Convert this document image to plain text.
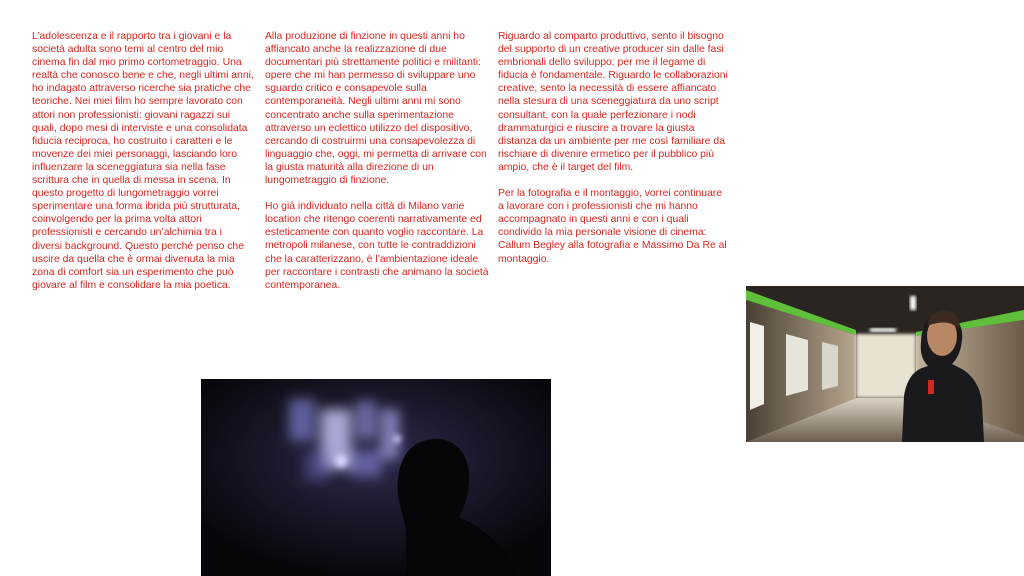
L’adolescenza e il rapporto tra i giovani e la società adulta sono temi al centro del mio cinema fin dal mio primo cortometraggio. Una realtà che conosco bene e che, negli ultimi anni, ho indagato attraverso ricerche sia pratiche che teoriche. Nei miei film ho sempre lavorato con attori non professionisti: giovani ragazzi sui quali, dopo mesi di interviste e una consolidata fiducia reciproca, ho costruito i caratteri e le movenze dei miei personaggi, lasciando loro influenzare la sceneggiatura sia nella fase scrittura che in quella di messa in scena. In questo progetto di lungometraggio vorrei sperimentare una forma ibrida più strutturata, coinvolgendo per la prima volta attori professionisti e cercando un’alchimia tra i diversi background. Questo perché penso che uscire da quella che è ormai divenuta la mia zona di comfort sia un esperimento che può giovare al film e consolidare la mia poetica.

Alla produzione di finzione in questi anni ho affiancato anche la realizzazione di due documentari più strettamente politici e militanti: opere che mi han permesso di sviluppare uno sguardo critico e consapevole sulla contemporaneità. Negli ultimi anni mi sono concentrato anche sulla sperimentazione attraverso un eclettico utilizzo del dispositivo, cercando di costruirmi una consapevolezza di linguaggio che, oggi, mi permetta di arrivare con la giusta maturità alla direzione di un lungometraggio di finzione.

Ho già individuato nella città di Milano varie location che ritengo coerenti narrativamente ed esteticamente con quanto voglio raccontare. La metropoli milanese, con tutte le contraddizioni che la caratterizzano, è l’ambientazione ideale per raccontare i contrasti che animano la società contemporanea.

Riguardo al comparto produttivo, sento il bisogno del supporto di un creative producer sin dalle fasi embrionali dello sviluppo: per me il legame di fiducia è fondamentale. Riguardo le collaborazioni creative, sento la necessità di essere affiancato nella stesura di una sceneggiatura da uno script consultant, con la quale perfezionare i nodi drammaturgici e riuscire a trovare la giusta distanza da un ambiente per me così familiare da rischiare di divenire ermetico per il pubblico più ampio, che è il target del film.

Per la fotografia e il montaggio, vorrei continuare a lavorare con i professionisti che mi hanno accompagnato in questi anni e con i quali condivido la mia personale visione di cinema: Callum Begley alla fotografia e Massimo Da Re al montaggio.
